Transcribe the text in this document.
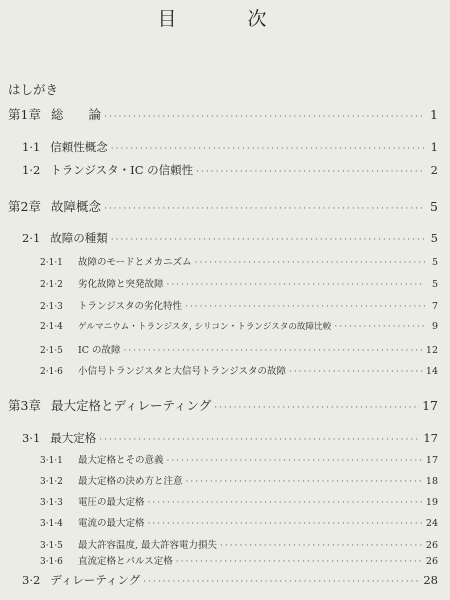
目　次
はしがき
第1章 総　　論 ·····	1
1·1 信頼性概念 ·····	1
1·2 トランジスタ・IC の信頼性 ·····	2
第2章 故障概念 ·····	5
2·1 故障の種類 ·····	5
2·1·1	故障のモードとメカニズム ·····	5
2·1·2	劣化故障と突発故障 ·····	5
2·1·3	トランジスタの劣化特性 ·····	7
2·1·4	ゲルマニウム・トランジスタ, シリコン・トランジスタの故障比較 ·····	9
2·1·5	IC の故障 ·····	12
2·1·6	小信号トランジスタと大信号トランジスタの故障 ·····	14
第3章 最大定格とディレーティング ·····	17
3·1 最大定格 ·····	17
3·1·1	最大定格とその意義 ·····	17
3·1·2	最大定格の決め方と注意 ·····	18
3·1·3	電圧の最大定格 ·····	19
3·1·4	電流の最大定格 ·····	24
3·1·5	最大許容温度, 最大許容電力損失 ·····	26
3·1·6	直流定格とパルス定格 ·····	26
3·2 ディレーティング ·····	28
